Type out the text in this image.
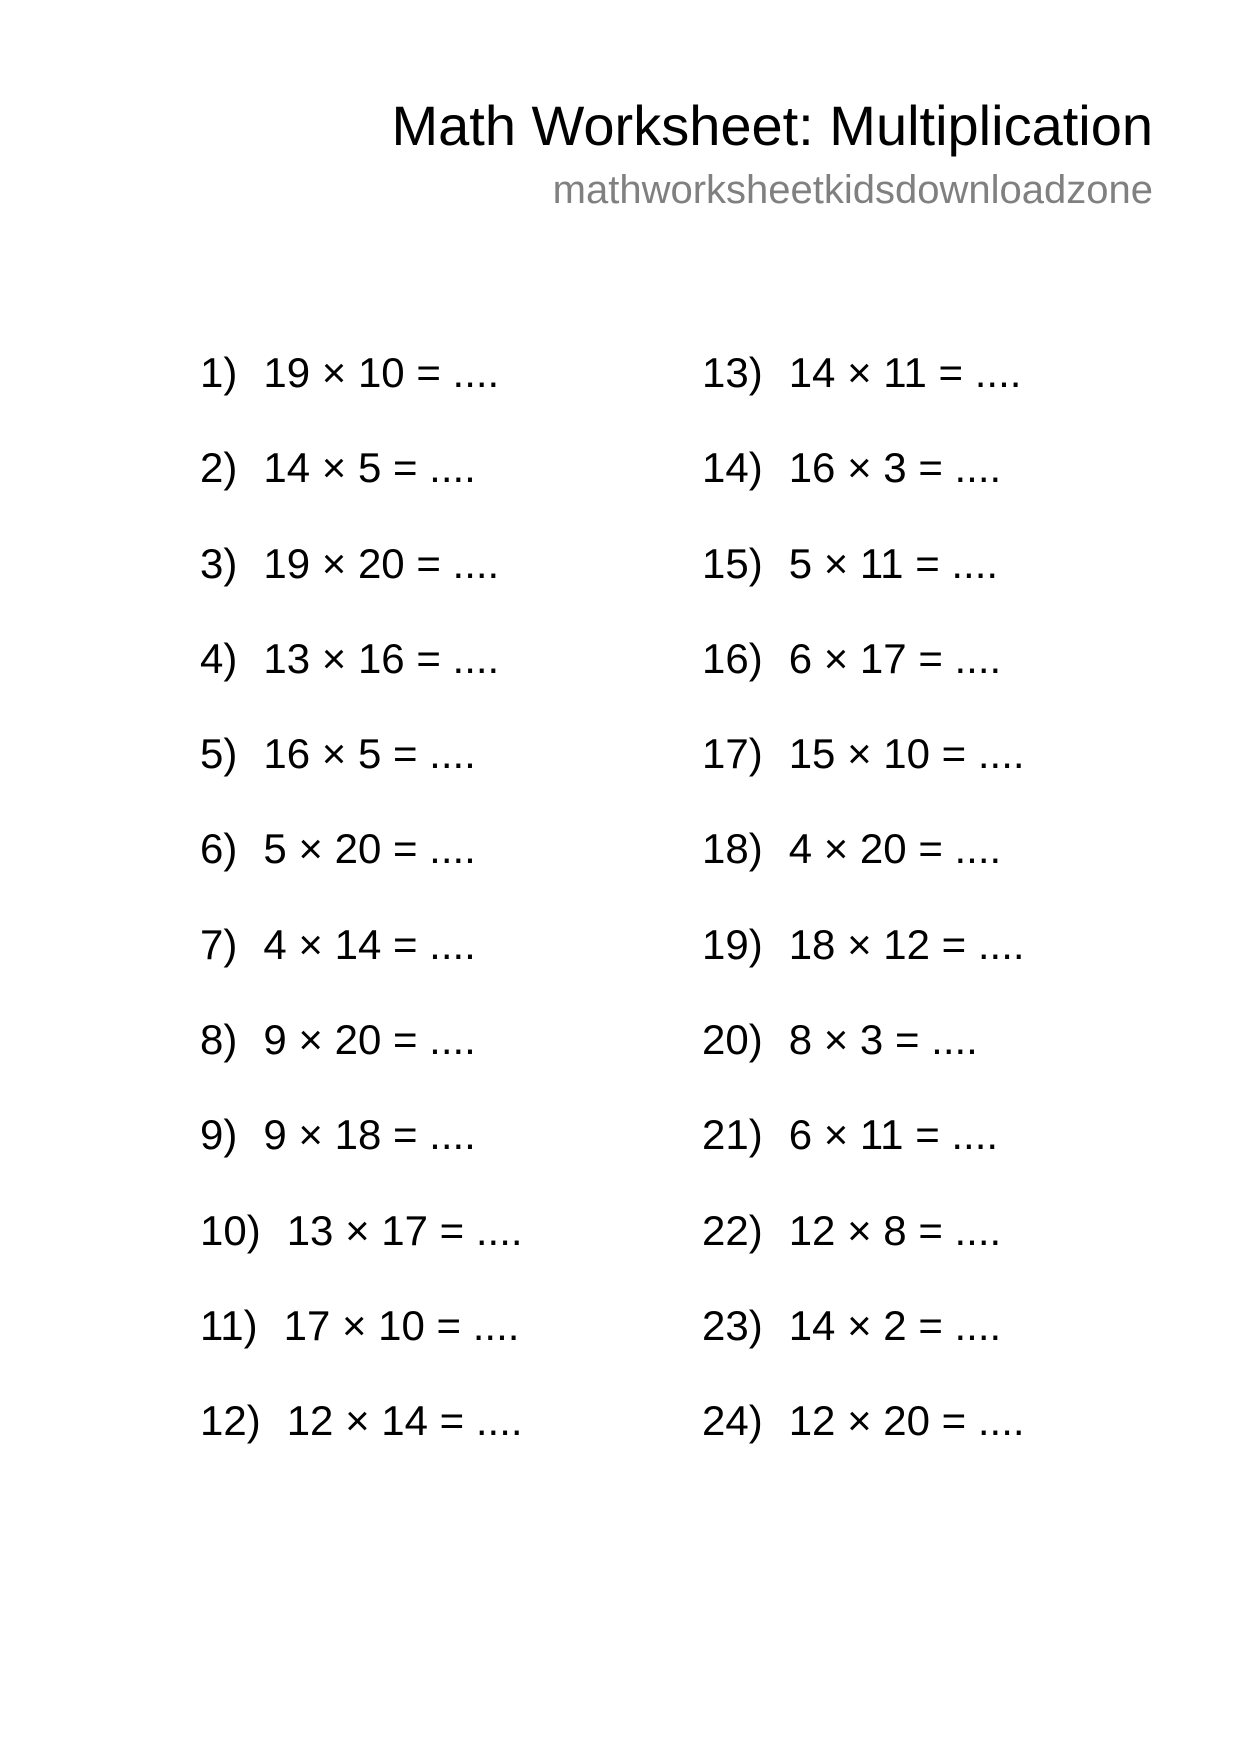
Math Worksheet: Multiplication
mathworksheetkidsdownloadzone
1) 19 × 10 = ....
2) 14 × 5 = ....
3) 19 × 20 = ....
4) 13 × 16 = ....
5) 16 × 5 = ....
6) 5 × 20 = ....
7) 4 × 14 = ....
8) 9 × 20 = ....
9) 9 × 18 = ....
10) 13 × 17 = ....
11) 17 × 10 = ....
12) 12 × 14 = ....
13) 14 × 11 = ....
14) 16 × 3 = ....
15) 5 × 11 = ....
16) 6 × 17 = ....
17) 15 × 10 = ....
18) 4 × 20 = ....
19) 18 × 12 = ....
20) 8 × 3 = ....
21) 6 × 11 = ....
22) 12 × 8 = ....
23) 14 × 2 = ....
24) 12 × 20 = ....
